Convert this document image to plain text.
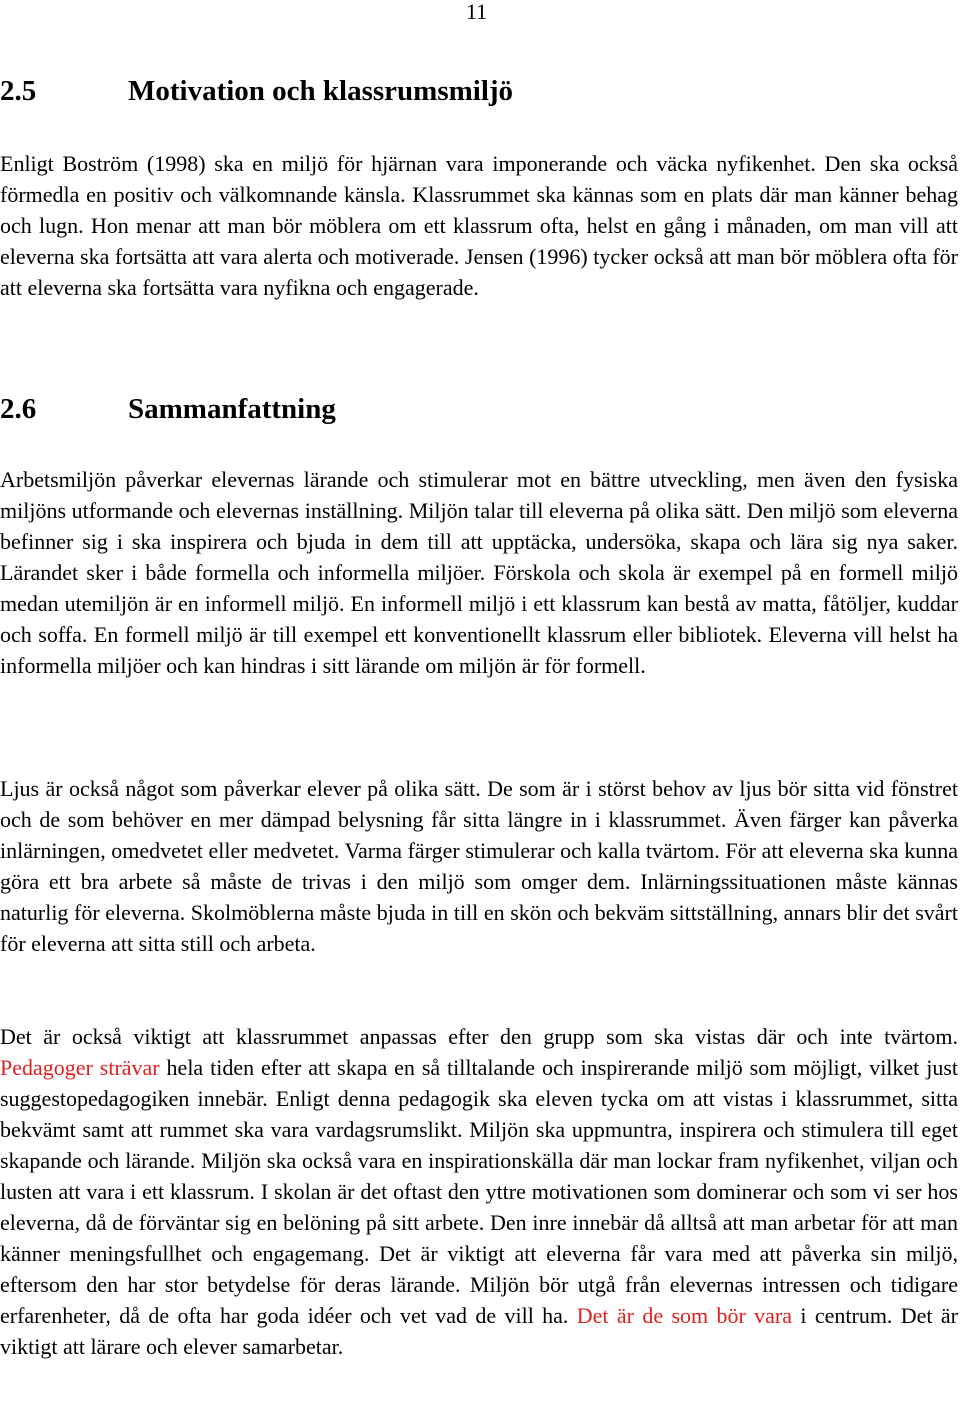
11
2.5	Motivation och klassrumsmiljö

Enligt Boström (1998) ska en miljö för hjärnan vara imponerande och väcka nyfikenhet. Den ska också förmedla en positiv och välkomnande känsla. Klassrummet ska kännas som en plats där man känner behag och lugn. Hon menar att man bör möblera om ett klassrum ofta, helst en gång i månaden, om man vill att eleverna ska fortsätta att vara alerta och motiverade. Jensen (1996) tycker också att man bör möblera ofta för att eleverna ska fortsätta vara nyfikna och engagerade.

2.6	Sammanfattning

Arbetsmiljön påverkar elevernas lärande och stimulerar mot en bättre utveckling, men även den fysiska miljöns utformande och elevernas inställning. Miljön talar till eleverna på olika sätt. Den miljö som eleverna befinner sig i ska inspirera och bjuda in dem till att upptäcka, undersöka, skapa och lära sig nya saker. Lärandet sker i både formella och informella miljöer. Förskola och skola är exempel på en formell miljö medan utemiljön är en informell miljö. En informell miljö i ett klassrum kan bestå av matta, fåtöljer, kuddar och soffa. En formell miljö är till exempel ett konventionellt klassrum eller bibliotek. Eleverna vill helst ha informella miljöer och kan hindras i sitt lärande om miljön är för formell.

Ljus är också något som påverkar elever på olika sätt. De som är i störst behov av ljus bör sitta vid fönstret och de som behöver en mer dämpad belysning får sitta längre in i klassrummet. Även färger kan påverka inlärningen, omedvetet eller medvetet. Varma färger stimulerar och kalla tvärtom. För att eleverna ska kunna göra ett bra arbete så måste de trivas i den miljö som omger dem. Inlärningssituationen måste kännas naturlig för eleverna. Skolmöblerna måste bjuda in till en skön och bekväm sittställning, annars blir det svårt för eleverna att sitta still och arbeta.

Det är också viktigt att klassrummet anpassas efter den grupp som ska vistas där och inte tvärtom. Pedagoger strävar hela tiden efter att skapa en så tilltalande och inspirerande miljö som möjligt, vilket just suggestopedagogiken innebär. Enligt denna pedagogik ska eleven tycka om att vistas i klassrummet, sitta bekvämt samt att rummet ska vara vardagsrumslikt. Miljön ska uppmuntra, inspirera och stimulera till eget skapande och lärande. Miljön ska också vara en inspirationskälla där man lockar fram nyfikenhet, viljan och lusten att vara i ett klassrum. I skolan är det oftast den yttre motivationen som dominerar och som vi ser hos eleverna, då de förväntar sig en belöning på sitt arbete. Den inre innebär då alltså att man arbetar för att man känner meningsfullhet och engagemang. Det är viktigt att eleverna får vara med att påverka sin miljö, eftersom den har stor betydelse för deras lärande. Miljön bör utgå från elevernas intressen och tidigare erfarenheter, då de ofta har goda idéer och vet vad de vill ha. Det är de som bör vara i centrum. Det är viktigt att lärare och elever samarbetar.
